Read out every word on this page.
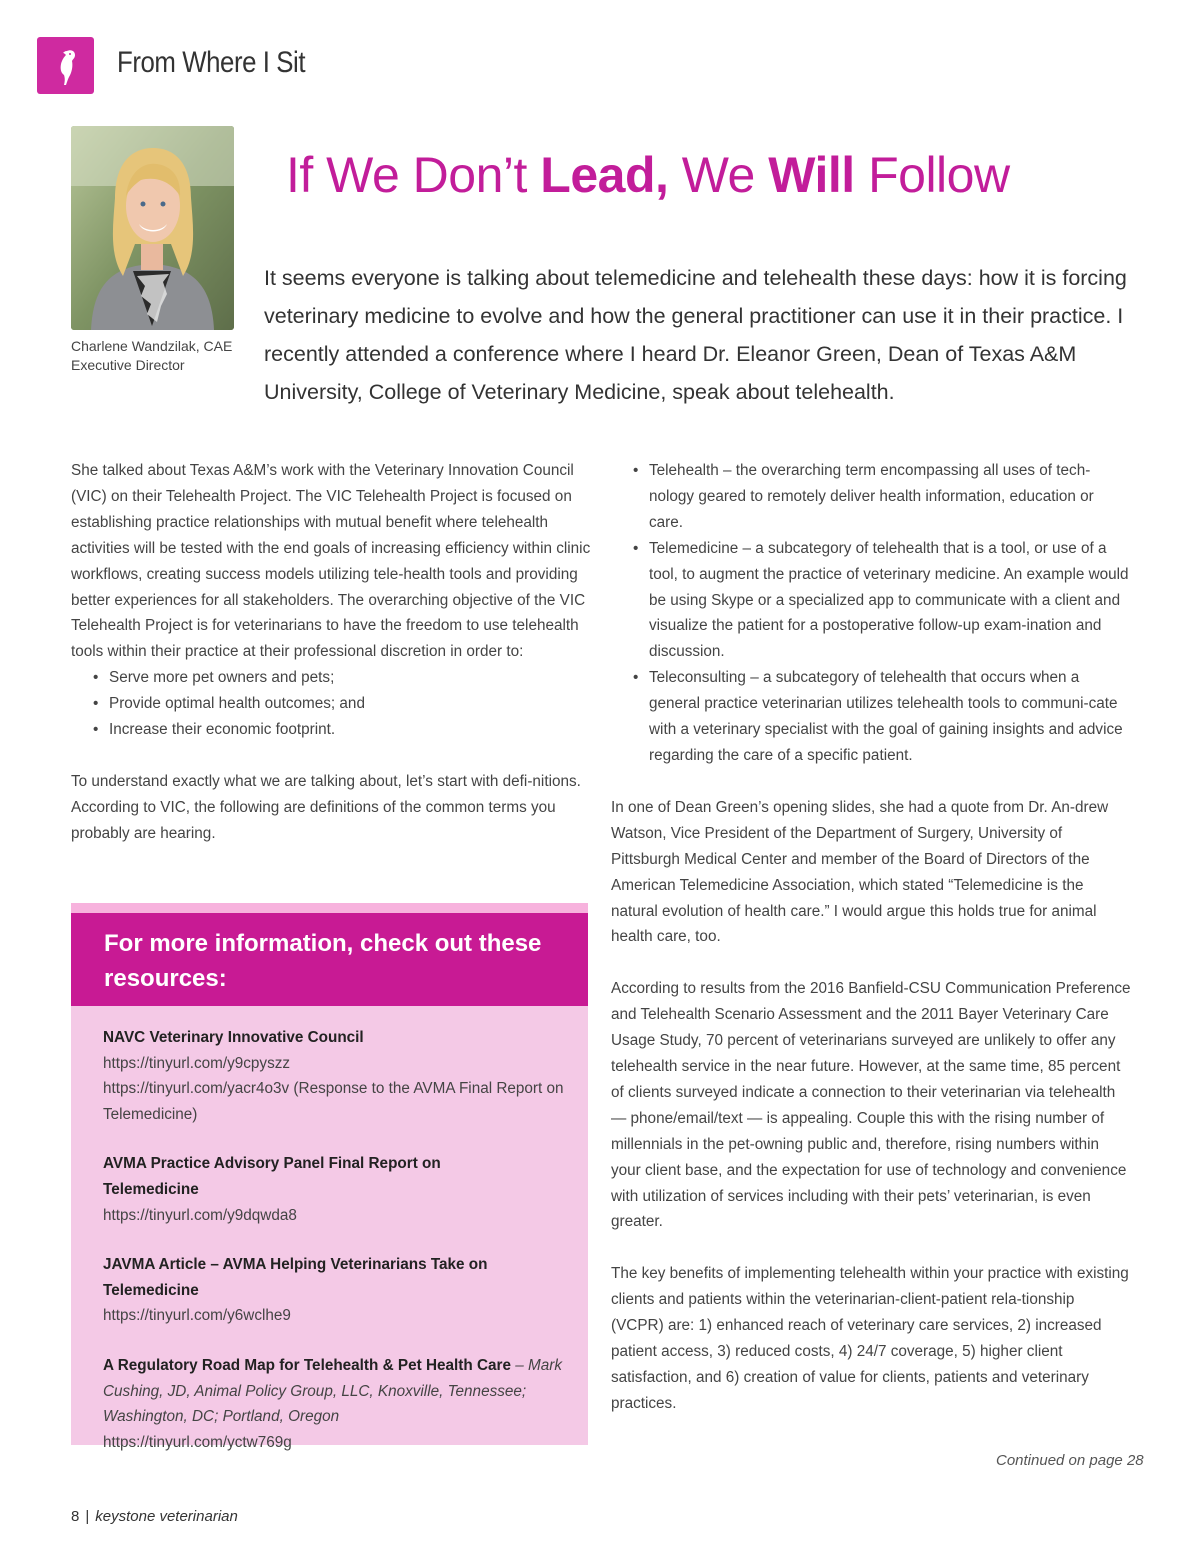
From Where I Sit
Charlene Wandzilak, CAE
Executive Director
If We Don’t Lead, We Will Follow
It seems everyone is talking about telemedicine and telehealth these days: how it is forcing veterinary medicine to evolve and how the general practitioner can use it in their practice. I recently attended a conference where I heard Dr. Eleanor Green, Dean of Texas A&M University, College of Veterinary Medicine, speak about telehealth.

She talked about Texas A&M’s work with the Veterinary Innovation Council (VIC) on their Telehealth Project. The VIC Telehealth Project is focused on establishing practice relationships with mutual benefit where telehealth activities will be tested with the end goals of increasing efficiency within clinic workflows, creating success models utilizing tele-health tools and providing better experiences for all stakeholders. The overarching objective of the VIC Telehealth Project is for veterinarians to have the freedom to use telehealth tools within their practice at their professional discretion in order to:

• Serve more pet owners and pets;
• Provide optimal health outcomes; and
• Increase their economic footprint.

To understand exactly what we are talking about, let’s start with defi-nitions. According to VIC, the following are definitions of the common terms you probably are hearing.

For more information, check out these resources:
NAVC Veterinary Innovative Council
https://tinyurl.com/y9cpyszz
https://tinyurl.com/yacr4o3v (Response to the AVMA Final Report on Telemedicine)
AVMA Practice Advisory Panel Final Report on Telemedicine
https://tinyurl.com/y9dqwda8
JAVMA Article – AVMA Helping Veterinarians Take on Telemedicine
https://tinyurl.com/y6wclhe9
A Regulatory Road Map for Telehealth & Pet Health Care – Mark Cushing, JD, Animal Policy Group, LLC, Knoxville, Tennessee; Washington, DC; Portland, Oregon
https://tinyurl.com/yctw769g
• Telehealth – the overarching term encompassing all uses of tech-nology geared to remotely deliver health information, education or care.
• Telemedicine – a subcategory of telehealth that is a tool, or use of a tool, to augment the practice of veterinary medicine. An example would be using Skype or a specialized app to communicate with a client and visualize the patient for a postoperative follow-up exam-ination and discussion.
• Teleconsulting – a subcategory of telehealth that occurs when a general practice veterinarian utilizes telehealth tools to communi-cate with a veterinary specialist with the goal of gaining insights and advice regarding the care of a specific patient.

In one of Dean Green’s opening slides, she had a quote from Dr. An-drew Watson, Vice President of the Department of Surgery, University of Pittsburgh Medical Center and member of the Board of Directors of the American Telemedicine Association, which stated “Telemedicine is the natural evolution of health care.” I would argue this holds true for animal health care, too.

According to results from the 2016 Banfield-CSU Communication Preference and Telehealth Scenario Assessment and the 2011 Bayer Veterinary Care Usage Study, 70 percent of veterinarians surveyed are unlikely to offer any telehealth service in the near future. However, at the same time, 85 percent of clients surveyed indicate a connection to their veterinarian via telehealth — phone/email/text — is appealing. Couple this with the rising number of millennials in the pet-owning public and, therefore, rising numbers within your client base, and the expectation for use of technology and convenience with utilization of services including with their pets’ veterinarian, is even greater.

The key benefits of implementing telehealth within your practice with existing clients and patients within the veterinarian-client-patient rela-tionship (VCPR) are: 1) enhanced reach of veterinary care services, 2) increased patient access, 3) reduced costs, 4) 24/7 coverage, 5) higher client satisfaction, and 6) creation of value for clients, patients and veterinary practices.

Continued on page 28
8 | keystone veterinarian
